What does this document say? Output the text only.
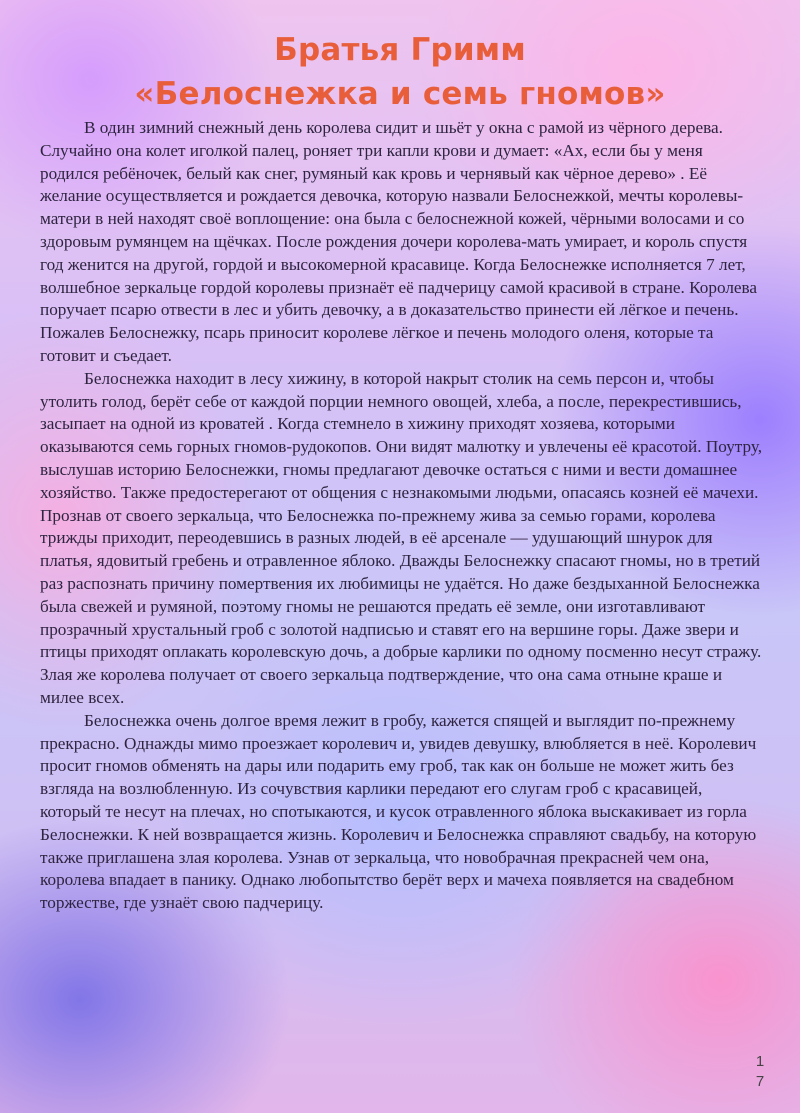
Братья Гримм
«Белоснежка и семь гномов»

В один зимний снежный день королева сидит и шьёт у окна с рамой из чёрного дерева. Случайно она колет иголкой палец, роняет три капли крови и думает: «Ах, если бы у меня родился ребёночек, белый как снег, румяный как кровь и чернявый как чёрное дерево» . Её желание осуществляется и рождается девочка, которую назвали Белоснежкой, мечты королевы-матери в ней находят своё воплощение: она была с белоснежной кожей, чёрными волосами и со здоровым румянцем на щёчках. После рождения дочери королева-мать умирает, и король спустя год женится на другой, гордой и высокомерной красавице. Когда Белоснежке исполняется 7 лет, волшебное зеркальце гордой королевы признаёт её падчерицу самой красивой в стране. Королева поручает псарю отвести в лес и убить девочку, а в доказательство принести ей лёгкое и печень. Пожалев Белоснежку, псарь приносит королеве лёгкое и печень молодого оленя, которые та готовит и съедает.

Белоснежка находит в лесу хижину, в которой накрыт столик на семь персон и, чтобы утолить голод, берёт себе от каждой порции немного овощей, хлеба, а после, перекрестившись, засыпает на одной из кроватей . Когда стемнело в хижину приходят хозяева, которыми оказываются семь горных гномов-рудокопов. Они видят малютку и увлечены её красотой. Поутру, выслушав историю Белоснежки, гномы предлагают девочке остаться с ними и вести домашнее хозяйство. Также предостерегают от общения с незнакомыми людьми, опасаясь козней её мачехи. Прознав от своего зеркальца, что Белоснежка по-прежнему жива за семью горами, королева трижды приходит, переодевшись в разных людей, в её арсенале — удушающий шнурок для платья, ядовитый гребень и отравленное яблоко. Дважды Белоснежку спасают гномы, но в третий раз распознать причину помертвения их любимицы не удаётся. Но даже бездыханной Белоснежка была свежей и румяной, поэтому гномы не решаются предать её земле, они изготавливают прозрачный хрустальный гроб с золотой надписью и ставят его на вершине горы. Даже звери и птицы приходят оплакать королевскую дочь, а добрые карлики по одному посменно несут стражу. Злая же королева получает от своего зеркальца подтверждение, что она сама отныне краше и милее всех.

Белоснежка очень долгое время лежит в гробу, кажется спящей и выглядит по-прежнему прекрасно. Однажды мимо проезжает королевич и, увидев девушку, влюбляется в неё. Королевич просит гномов обменять на дары или подарить ему гроб, так как он больше не может жить без взгляда на возлюбленную. Из сочувствия карлики передают его слугам гроб с красавицей, который те несут на плечах, но спотыкаются, и кусок отравленного яблока выскакивает из горла Белоснежки. К ней возвращается жизнь. Королевич и Белоснежка справляют свадьбу, на которую также приглашена злая королева. Узнав от зеркальца, что новобрачная прекрасней чем она, королева впадает в панику. Однако любопытство берёт верх и мачеха появляется на свадебном торжестве, где узнаёт свою падчерицу.

17
